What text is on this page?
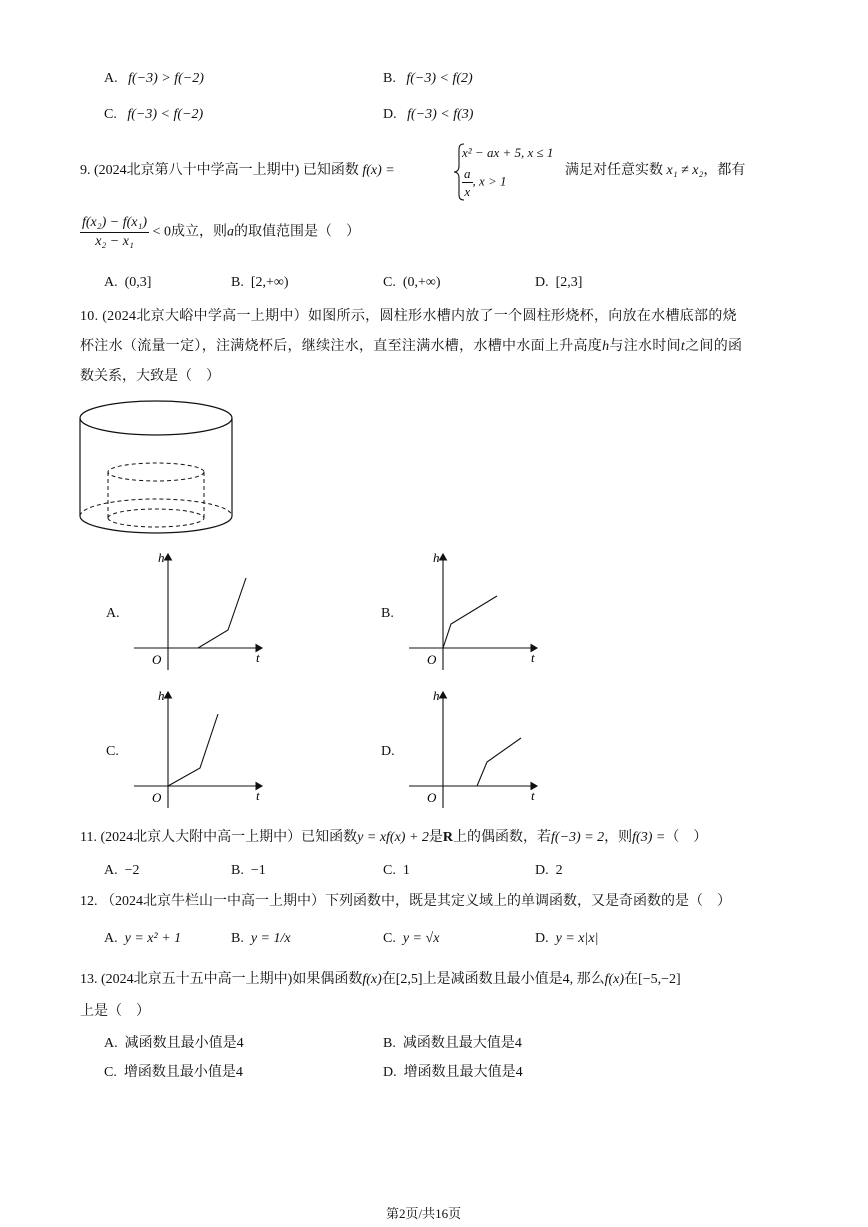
A. f(−3) > f(−2)	B. f(−3) < f(2)
C. f(−3) < f(−2)	D. f(−3) < f(3)
9. (2024北京第八十中学高一上期中) 已知函数 f(x) =
x² − ax + 5, x ≤ 1
$\frac{a}{x}$ , x > 1
满足对任意实数 x₁ ≠ x₂，都有
$\frac{\text{f(x₂) − f(x₁)}}{\text{x₂ − x₁}} < 0$成立，则a的取值范围是（　）
A. (0,3]	B. [2,+∞)	C. (0,+∞)	D. [2,3]
10. (2024北京大峪中学高一上期中）如图所示，圆柱形水槽内放了一个圆柱形烧杯，向放在水槽底部的烧
杯注水（流量一定），注满烧杯后，继续注水，直至注满水槽，水槽中水面上升高度h与注水时间t之间的函
数关系，大致是（　）
A.
h
t
O
B.
h
t
O
C.
h
t
O
D.
h
t
O
11. (2024北京人大附中高一上期中）已知函数y = xf(x) + 2是R上的偶函数，若f(−3) = 2，则f(3) =（　）
A. −2	B. −1	C. 1	D. 2
12. （2024北京牛栏山一中高一上期中）下列函数中，既是其定义域上的单调函数，又是奇函数的是（　）
A. y = x² + 1	B. y = 1/x	C. y = √x	D. y = x|x|
13. (2024北京五十五中高一上期中)如果偶函数f(x)在[2,5]上是减函数且最小值是4, 那么f(x)在[−5,−2]
上是（　）
A. 减函数且最小值是4	B. 减函数且最大值是4
C. 增函数且最小值是4	D. 增函数且最大值是4
第2页/共16页
